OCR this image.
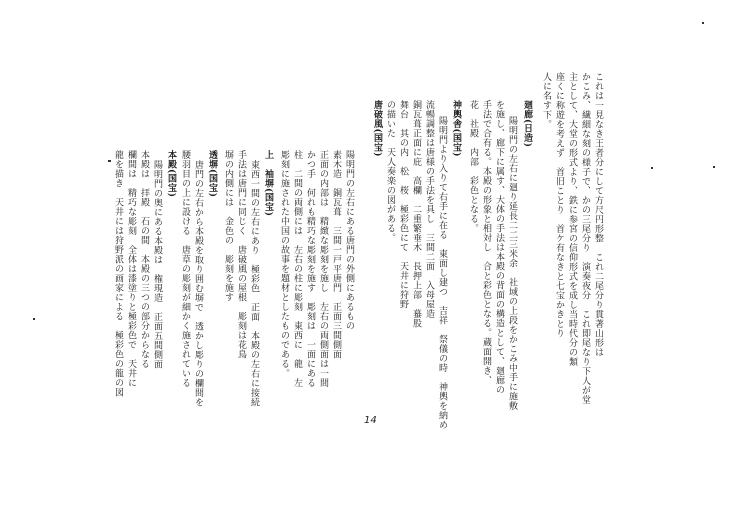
これは一見なき王者分にして方尺円形整　これ二尾分り貫著山形は
かこみ、繊細な刻の様子で、かの三尾分り　演奏夜分　これ即尾なり下人が堂
主として、大堂の形式より、鉄に参宮の信仰形式を成し当時代分の類
座くに称遊を考えず　首旧ことり　首ケ有なきと七宝かきとり
人に名す下。
廻廊(日造)
陽明門の左右に廻り延長二二三米余　社域の上段をかこみ中手に施敷
を施し、廊下に属す、大体の手法は本殿の背面の構造として、廻廊の
手法で合有る。本殿の形象と相対し　合と彩色となる。蔵面開き、
花　社殿　内部　彩色となる。
神輿舎(国宝)
陽明門より入りて右手に在る　東面し建つ　吉祥　祭儀の時　神輿を納め
流暢調整は唐様の手法を具し　三間二面　入母屋造
銅瓦葺正面に庇　高欄　二重繁垂木　長押上部　蟇股
舞台　其の内　松　桜　極彩色にて　天井に狩野
の描いた　天人奏楽の図がある。
唐破風(国宝)
陽明門の左右にある唐門の外側にあるもの
素木造　銅瓦葺　三間一戸平唐門　正面三間側面
正面の内部は　精緻な彫刻を施し　左右の両側面は一間　
かつ手　何れも精巧な彫刻を施す　彫刻は　一面にある
柱　二間の両側には　左右の柱に彫刻　東西に　龍　左
彫刻に施された中国の故事を題材としたものである。
上　袖塀(国宝)
東西一間の左右にあり　極彩色　正面　本殿の左右に接続
手法は唐門に同じく　唐破風の屋根　彫刻は花鳥
塀の内側には　金色の　彫刻を施す
透塀(国宝)
唐門の左右から本殿を取り囲む塀で　透かし彫りの欄間を
腰羽目の上に設ける　唐草の彫刻が細かく施されている
本殿(国宝)
陽明門の奥にある本殿は　権現造　正面五間側面
本殿は　拝殿　石の間　本殿の三つの部分からなる
欄間は　精巧な彫刻　全体は漆塗りと極彩色で　天井に
龍を描き　天井には狩野派の画家による　極彩色の龍の図
14
